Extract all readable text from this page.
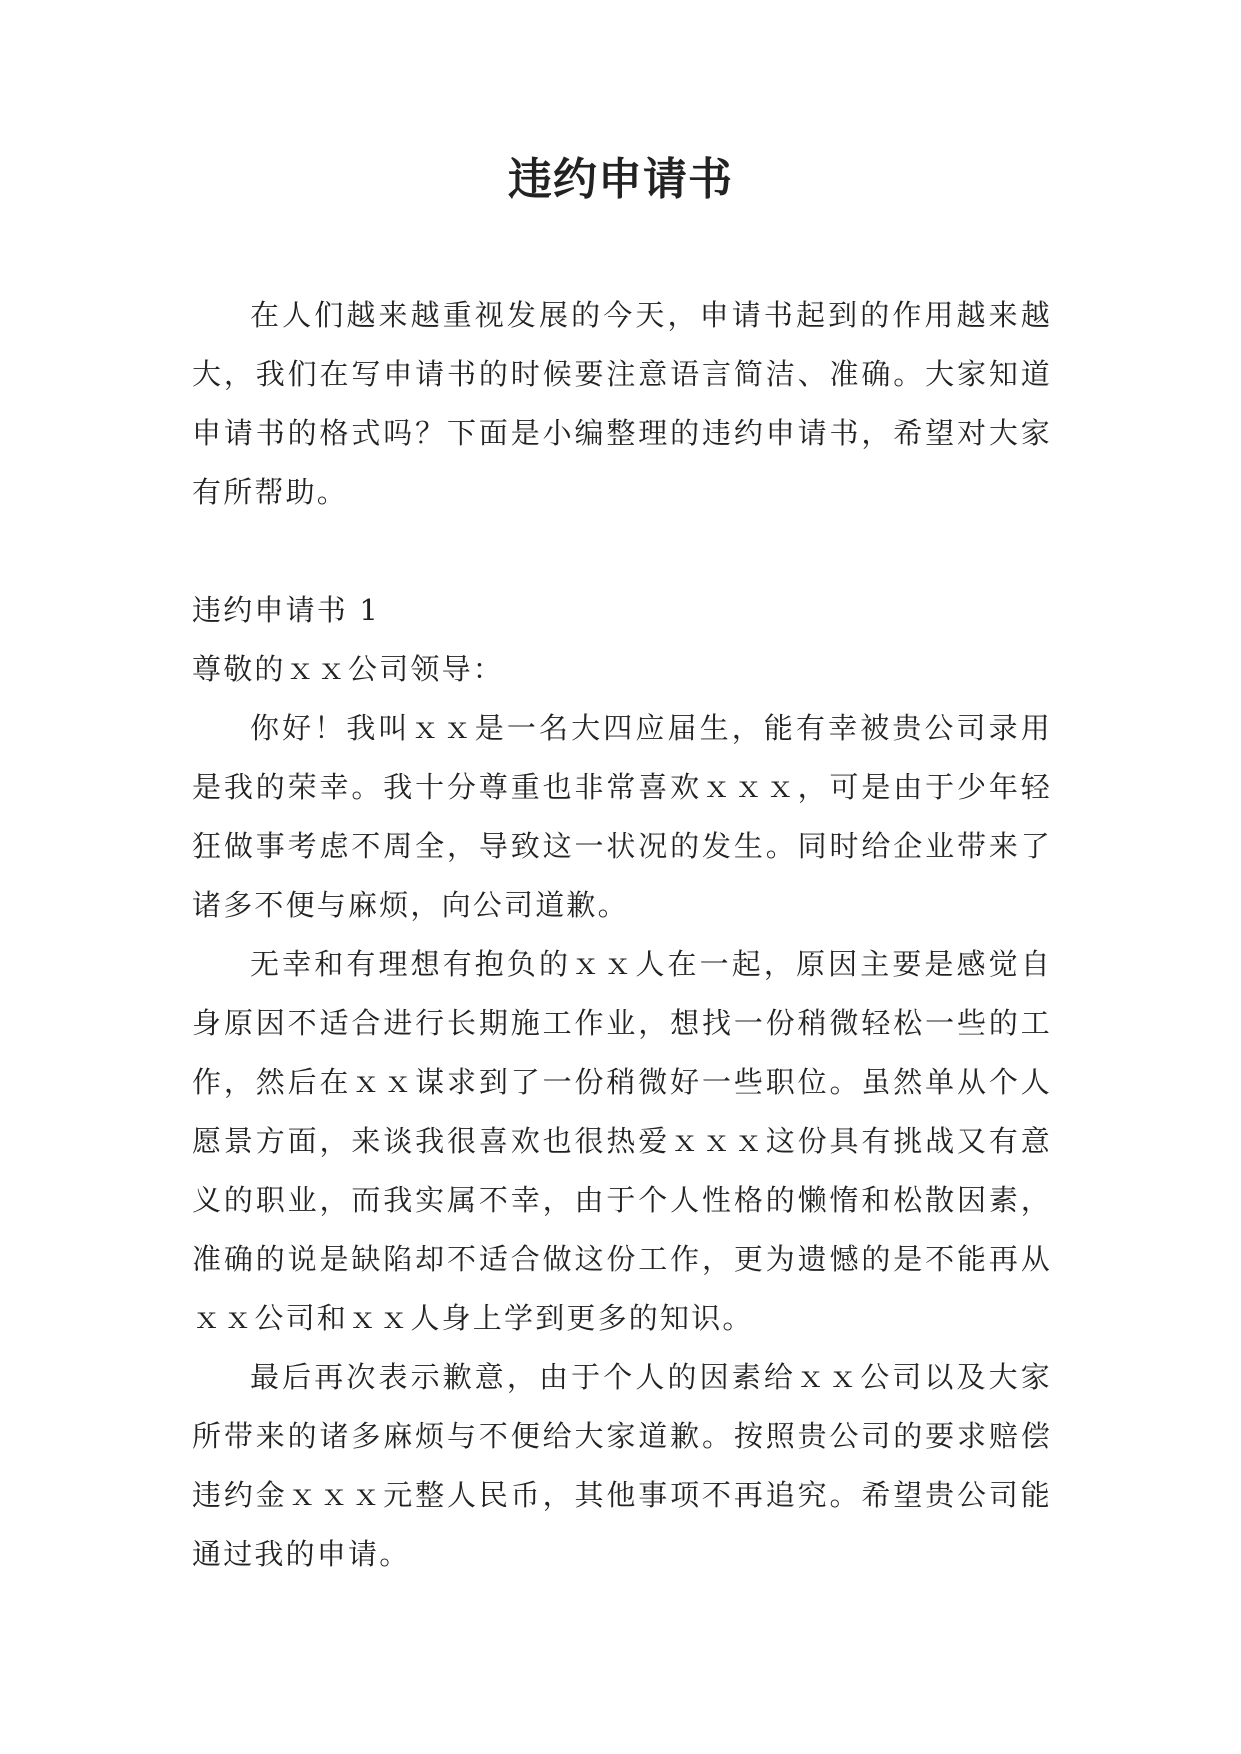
违约申请书

在人们越来越重视发展的今天，申请书起到的作用越来越大，我们在写申请书的时候要注意语言简洁、准确。大家知道申请书的格式吗？下面是小编整理的违约申请书，希望对大家有所帮助。

违约申请书 1

尊敬的ｘｘ公司领导：

你好！我叫ｘｘ是一名大四应届生，能有幸被贵公司录用是我的荣幸。我十分尊重也非常喜欢ｘｘｘ，可是由于少年轻狂做事考虑不周全，导致这一状况的发生。同时给企业带来了诸多不便与麻烦，向公司道歉。

无幸和有理想有抱负的ｘｘ人在一起，原因主要是感觉自身原因不适合进行长期施工作业，想找一份稍微轻松一些的工作，然后在ｘｘ谋求到了一份稍微好一些职位。虽然单从个人愿景方面，来谈我很喜欢也很热爱ｘｘｘ这份具有挑战又有意义的职业，而我实属不幸，由于个人性格的懒惰和松散因素，准确的说是缺陷却不适合做这份工作，更为遗憾的是不能再从ｘｘ公司和ｘｘ人身上学到更多的知识。

最后再次表示歉意，由于个人的因素给ｘｘ公司以及大家所带来的诸多麻烦与不便给大家道歉。按照贵公司的要求赔偿违约金ｘｘｘ元整人民币，其他事项不再追究。希望贵公司能通过我的申请。
